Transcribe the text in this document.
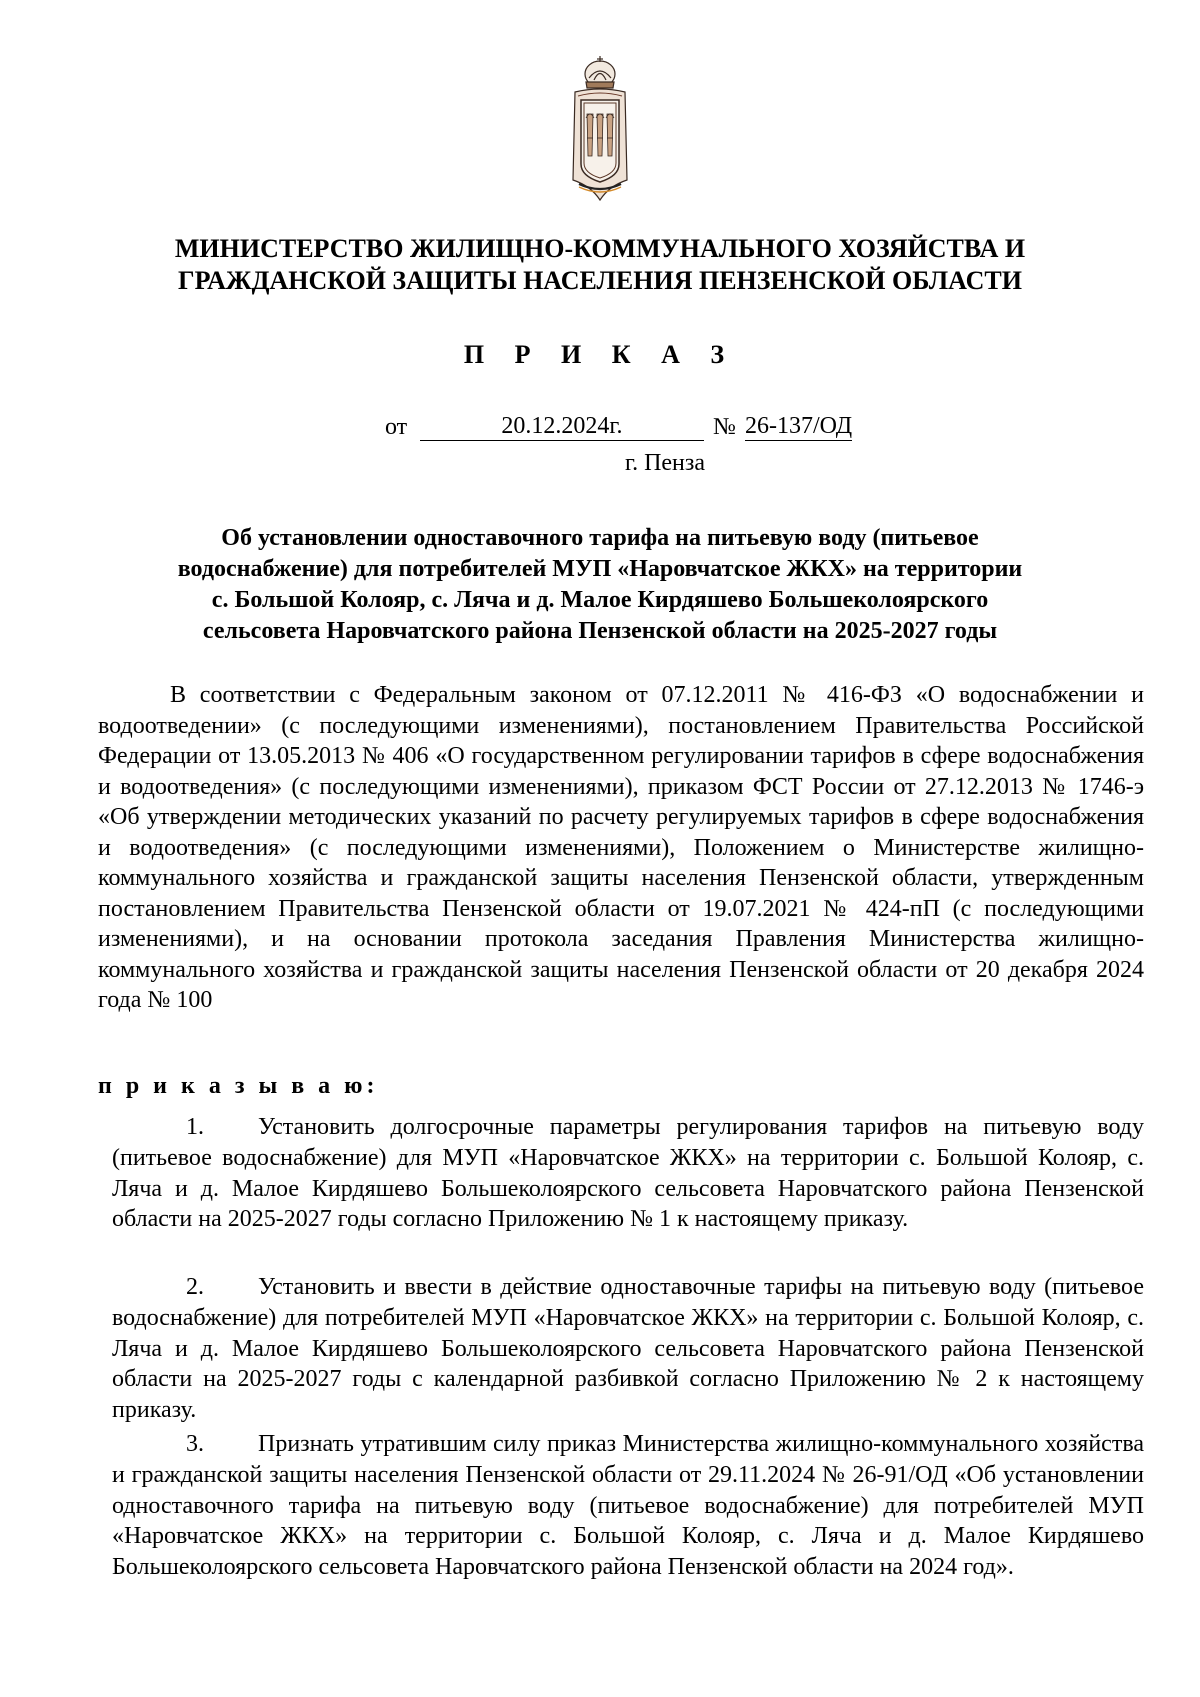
МИНИСТЕРСТВО ЖИЛИЩНО-КОММУНАЛЬНОГО ХОЗЯЙСТВА И
ГРАЖДАНСКОЙ ЗАЩИТЫ НАСЕЛЕНИЯ ПЕНЗЕНСКОЙ ОБЛАСТИ
П Р И К А З
от	20.12.2024г.	№ 26-137/ОД
г. Пенза
Об установлении одноставочного тарифа на питьевую воду (питьевое
водоснабжение) для потребителей МУП «Наровчатское ЖКХ» на территории
с. Большой Колояр, с. Ляча и д. Малое Кирдяшево Большеколоярского
сельсовета Наровчатского района Пензенской области на 2025-2027 годы

В соответствии с Федеральным законом от 07.12.2011 № 416-ФЗ «О водоснабжении и водоотведении» (с последующими изменениями), постановлением Правительства Российской Федерации от 13.05.2013 № 406 «О государственном регулировании тарифов в сфере водоснабжения и водоотведения» (с последующими изменениями), приказом ФСТ России от 27.12.2013 № 1746-э «Об утверждении методических указаний по расчету регулируемых тарифов в сфере водоснабжения и водоотведения» (с последующими изменениями), Положением о Министерстве жилищно-коммунального хозяйства и гражданской защиты населения Пензенской области, утвержденным постановлением Правительства Пензенской области от 19.07.2021 № 424-пП (с последующими изменениями), и на основании протокола заседания Правления Министерства жилищно-коммунального хозяйства и гражданской защиты населения Пензенской области от 20 декабря 2024 года № 100

п р и к а з ы в а ю:

1. Установить долгосрочные параметры регулирования тарифов на питьевую воду (питьевое водоснабжение) для МУП «Наровчатское ЖКХ» на территории с. Большой Колояр, с. Ляча и д. Малое Кирдяшево Большеколоярского сельсовета Наровчатского района Пензенской области на 2025-2027 годы согласно Приложению № 1 к настоящему приказу.

2. Установить и ввести в действие одноставочные тарифы на питьевую воду (питьевое водоснабжение) для потребителей МУП «Наровчатское ЖКХ» на территории с. Большой Колояр, с. Ляча и д. Малое Кирдяшево Большеколоярского сельсовета Наровчатского района Пензенской области на 2025-2027 годы с календарной разбивкой согласно Приложению № 2 к настоящему приказу.

3. Признать утратившим силу приказ Министерства жилищно-коммунального хозяйства и гражданской защиты населения Пензенской области от 29.11.2024 № 26-91/ОД «Об установлении одноставочного тарифа на питьевую воду (питьевое водоснабжение) для потребителей МУП «Наровчатское ЖКХ» на территории с. Большой Колояр, с. Ляча и д. Малое Кирдяшево Большеколоярского сельсовета Наровчатского района Пензенской области на 2024 год».
